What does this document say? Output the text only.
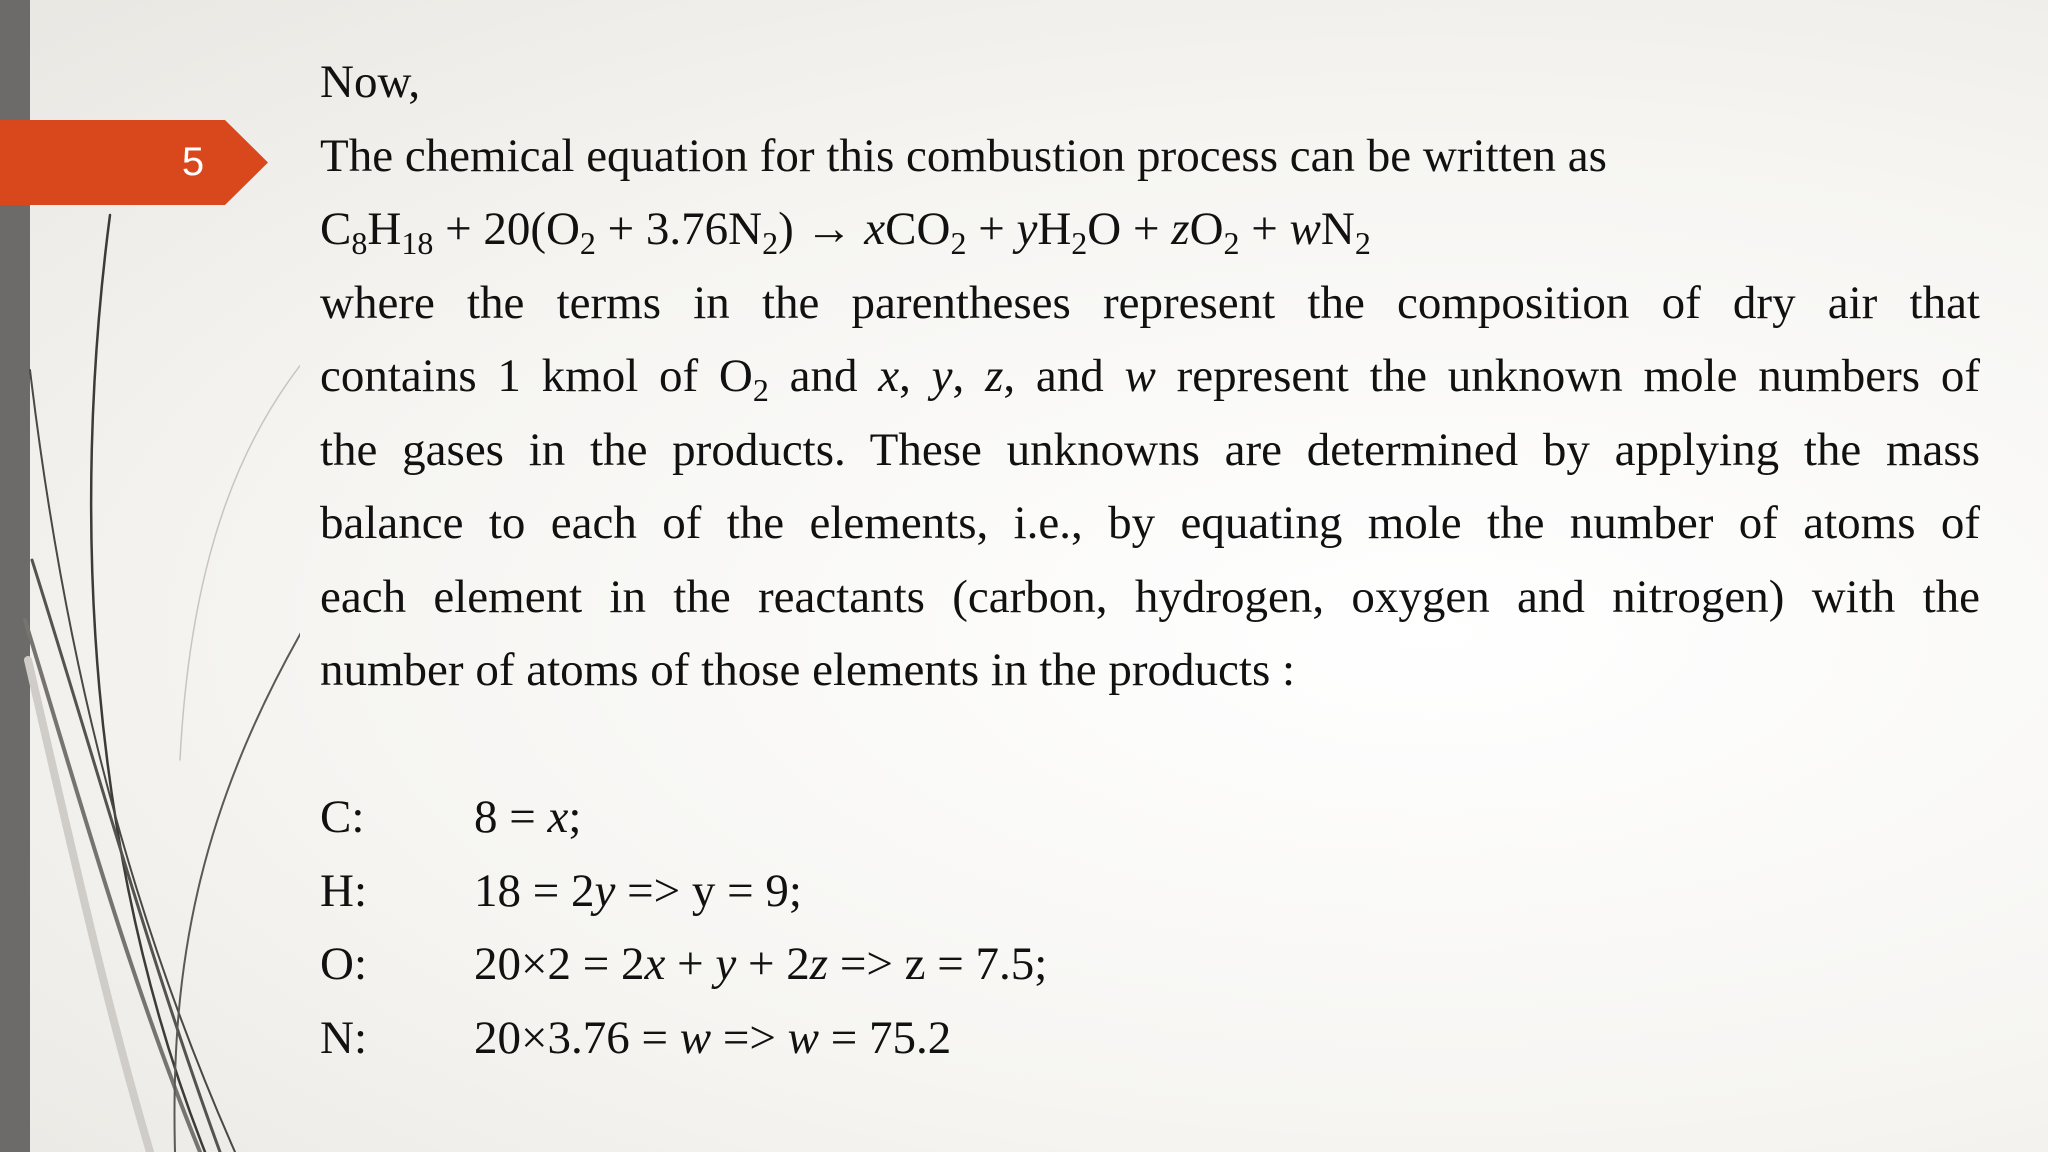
5
Now,
The chemical equation for this combustion process can be written as
$C_8H_{18} + 20(O_2 + 3.76N_2) \to xCO_2 + yH_2O + zO_2 + wN_2$
where the terms in the parentheses represent the composition of dry air that
contains 1 kmol of $O_2$ and x, y, z, and w represent the unknown mole numbers of
the gases in the products. These unknowns are determined by applying the mass
balance to each of the elements, i.e., by equating mole the number of atoms of
each element in the reactants (carbon, hydrogen, oxygen and nitrogen) with the
number of atoms of those elements in the products :
C:	8 = x;
H:	18 = 2y => y = 9;
O:	20×2 = 2x + y + 2z => z = 7.5;
N:	20×3.76 = w => w = 75.2
